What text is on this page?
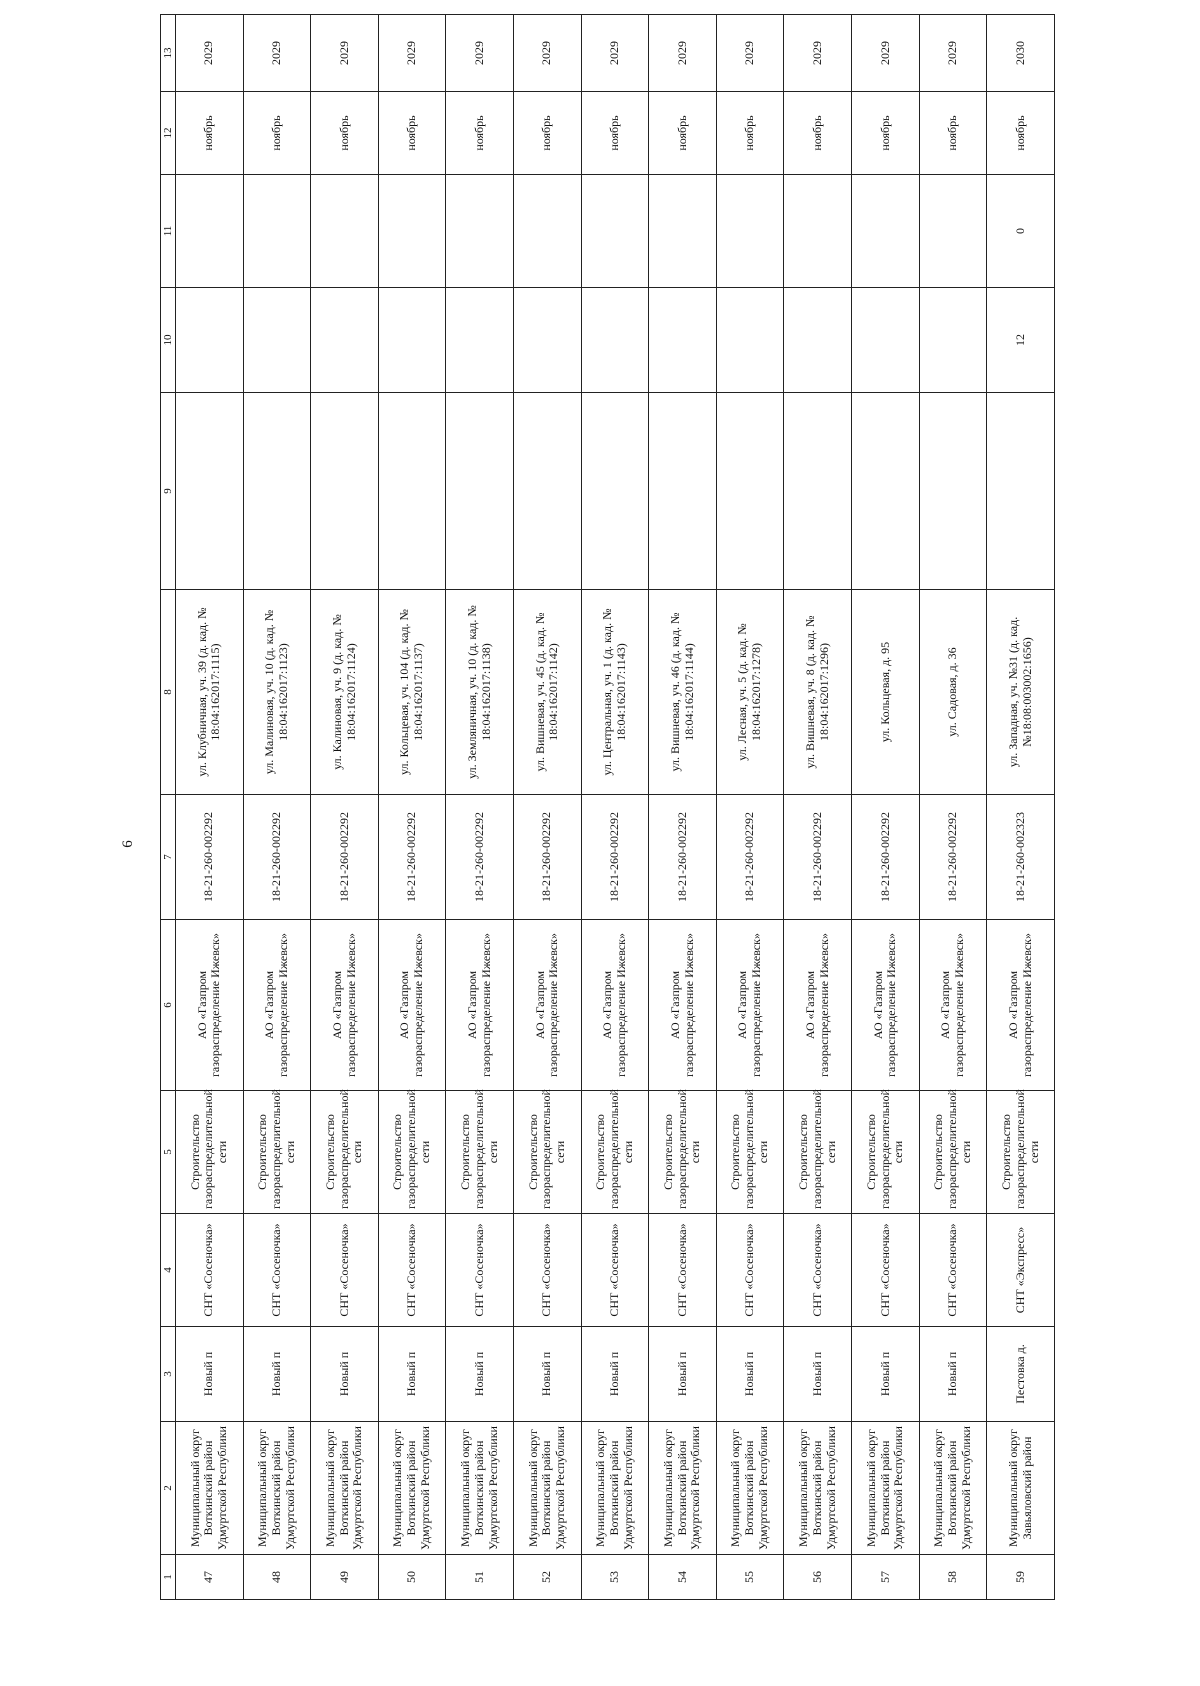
6
1	2	3	4	5	6	7	8	9	10	11	12	13
47	Муниципальный округ Воткинский район Удмуртской Республики	Новый п	СНТ «Сосеночка»	Строительство газораспределительной сети	АО «Газпром газораспределение Ижевск»	18-21-260-002292	ул. Клубничная, уч. 39 (д. кад. № 18:04:162017:1115)				ноябрь	2029
48	Муниципальный округ Воткинский район Удмуртской Республики	Новый п	СНТ «Сосеночка»	Строительство газораспределительной сети	АО «Газпром газораспределение Ижевск»	18-21-260-002292	ул. Малиновая, уч. 10 (д. кад. № 18:04:162017:1123)				ноябрь	2029
49	Муниципальный округ Воткинский район Удмуртской Республики	Новый п	СНТ «Сосеночка»	Строительство газораспределительной сети	АО «Газпром газораспределение Ижевск»	18-21-260-002292	ул. Калиновая, уч. 9 (д. кад. № 18:04:162017:1124)				ноябрь	2029
50	Муниципальный округ Воткинский район Удмуртской Республики	Новый п	СНТ «Сосеночка»	Строительство газораспределительной сети	АО «Газпром газораспределение Ижевск»	18-21-260-002292	ул. Кольцевая, уч. 104 (д. кад. № 18:04:162017:1137)				ноябрь	2029
51	Муниципальный округ Воткинский район Удмуртской Республики	Новый п	СНТ «Сосеночка»	Строительство газораспределительной сети	АО «Газпром газораспределение Ижевск»	18-21-260-002292	ул. Земляничная, уч. 10 (д. кад. № 18:04:162017:1138)				ноябрь	2029
52	Муниципальный округ Воткинский район Удмуртской Республики	Новый п	СНТ «Сосеночка»	Строительство газораспределительной сети	АО «Газпром газораспределение Ижевск»	18-21-260-002292	ул. Вишневая, уч. 45 (д. кад. № 18:04:162017:1142)				ноябрь	2029
53	Муниципальный округ Воткинский район Удмуртской Республики	Новый п	СНТ «Сосеночка»	Строительство газораспределительной сети	АО «Газпром газораспределение Ижевск»	18-21-260-002292	ул. Центральная, уч. 1 (д. кад. № 18:04:162017:1143)				ноябрь	2029
54	Муниципальный округ Воткинский район Удмуртской Республики	Новый п	СНТ «Сосеночка»	Строительство газораспределительной сети	АО «Газпром газораспределение Ижевск»	18-21-260-002292	ул. Вишневая, уч. 46 (д. кад. № 18:04:162017:1144)				ноябрь	2029
55	Муниципальный округ Воткинский район Удмуртской Республики	Новый п	СНТ «Сосеночка»	Строительство газораспределительной сети	АО «Газпром газораспределение Ижевск»	18-21-260-002292	ул. Лесная, уч. 5 (д. кад. № 18:04:162017:1278)				ноябрь	2029
56	Муниципальный округ Воткинский район Удмуртской Республики	Новый п	СНТ «Сосеночка»	Строительство газораспределительной сети	АО «Газпром газораспределение Ижевск»	18-21-260-002292	ул. Вишневая, уч. 8 (д. кад. № 18:04:162017:1296)				ноябрь	2029
57	Муниципальный округ Воткинский район Удмуртской Республики	Новый п	СНТ «Сосеночка»	Строительство газораспределительной сети	АО «Газпром газораспределение Ижевск»	18-21-260-002292	ул. Кольцевая, д. 95				ноябрь	2029
58	Муниципальный округ Воткинский район Удмуртской Республики	Новый п	СНТ «Сосеночка»	Строительство газораспределительной сети	АО «Газпром газораспределение Ижевск»	18-21-260-002292	ул. Садовая, д. 36				ноябрь	2029
59	Муниципальный округ Завьяловский район	Пестовка д.	СНТ «Экспресс»	Строительство газораспределительной сети	АО «Газпром газораспределение Ижевск»	18-21-260-002323	ул. Западная, уч. №31 (д. кад. №18:08:003002:1656)		12	0	ноябрь	2030
